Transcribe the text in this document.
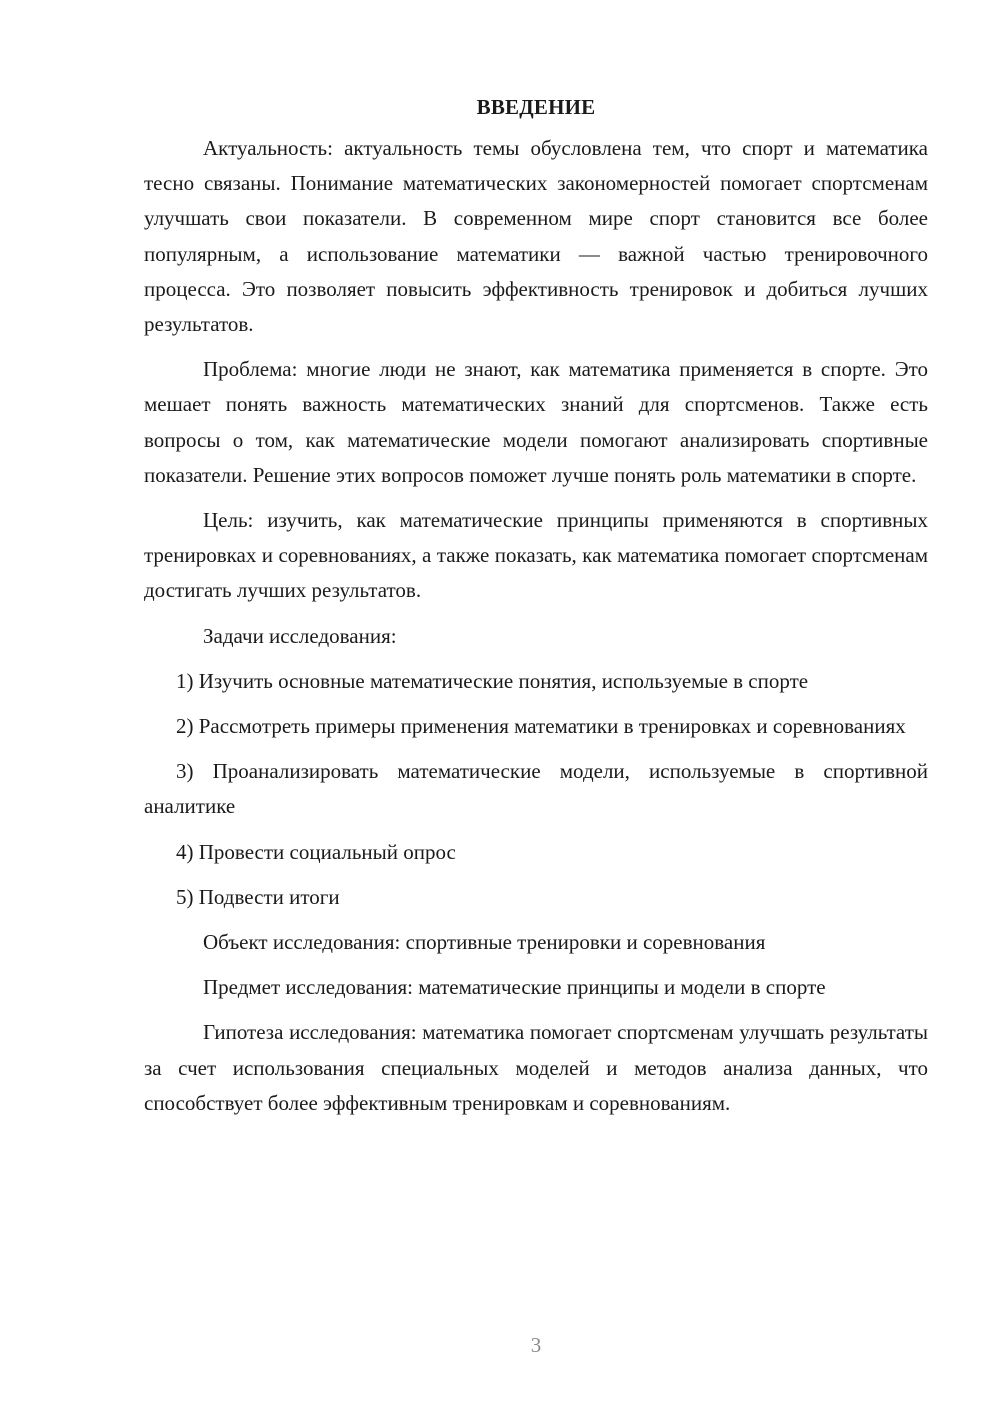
ВВЕДЕНИЕ

Актуальность: актуальность темы обусловлена тем, что спорт и математика тесно связаны. Понимание математических закономерностей помогает спортсменам улучшать свои показатели. В современном мире спорт становится все более популярным, а использование математики — важной частью тренировочного процесса. Это позволяет повысить эффективность тренировок и добиться лучших результатов.

Проблема: многие люди не знают, как математика применяется в спорте. Это мешает понять важность математических знаний для спортсменов. Также есть вопросы о том, как математические модели помогают анализировать спортивные показатели. Решение этих вопросов поможет лучше понять роль математики в спорте.

Цель: изучить, как математические принципы применяются в спортивных тренировках и соревнованиях, а также показать, как математика помогает спортсменам достигать лучших результатов.

Задачи исследования:

1) Изучить основные математические понятия, используемые в спорте

2) Рассмотреть примеры применения математики в тренировках и соревнованиях

3) Проанализировать математические модели, используемые в спортивной аналитике

4) Провести социальный опрос

5) Подвести итоги

Объект исследования: спортивные тренировки и соревнования

Предмет исследования: математические принципы и модели в спорте

Гипотеза исследования: математика помогает спортсменам улучшать результаты за счет использования специальных моделей и методов анализа данных, что способствует более эффективным тренировкам и соревнованиям.

3
